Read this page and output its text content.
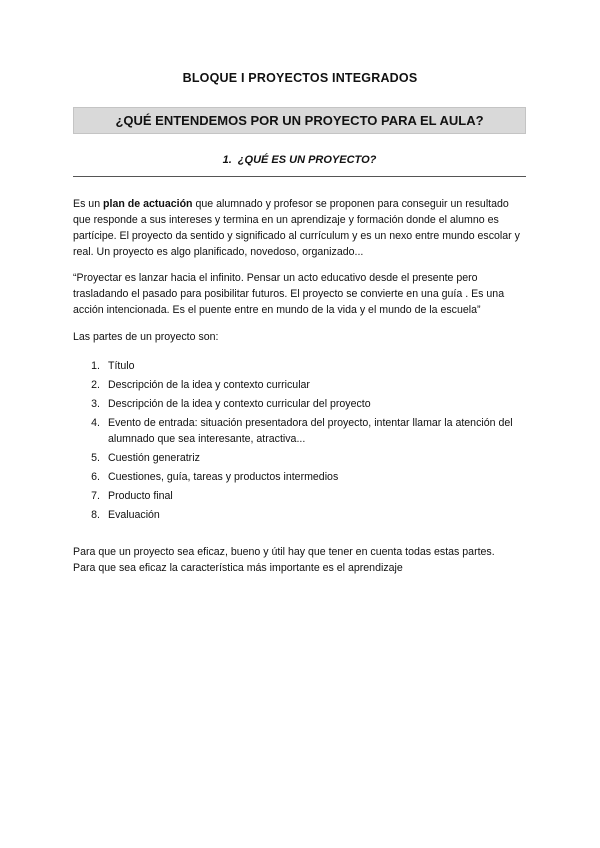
BLOQUE I PROYECTOS INTEGRADOS
¿QUÉ ENTENDEMOS POR UN PROYECTO PARA EL AULA?
1. ¿QUÉ ES UN PROYECTO?

Es un plan de actuación que alumnado y profesor se proponen para conseguir un resultado que responde a sus intereses y termina en un aprendizaje y formación donde el alumno es partícipe. El proyecto da sentido y significado al currículum y es un nexo entre mundo escolar y real. Un proyecto es algo planificado, novedoso, organizado...

“Proyectar es lanzar hacia el infinito. Pensar un acto educativo desde el presente pero trasladando el pasado para posibilitar futuros. El proyecto se convierte en una guía . Es una acción intencionada. Es el puente entre en mundo de la vida y el mundo de la escuela”

Las partes de un proyecto son:

1. Título
2. Descripción de la idea y contexto curricular
3. Descripción de la idea y contexto curricular del proyecto
4. Evento de entrada: situación presentadora del proyecto, intentar llamar la atención del alumnado que sea interesante, atractiva...
5. Cuestión generatriz
6. Cuestiones, guía, tareas y productos intermedios
7. Producto final
8. Evaluación

Para que un proyecto sea eficaz, bueno y útil hay que tener en cuenta todas estas partes.

Para que sea eficaz la característica más importante es el aprendizaje
